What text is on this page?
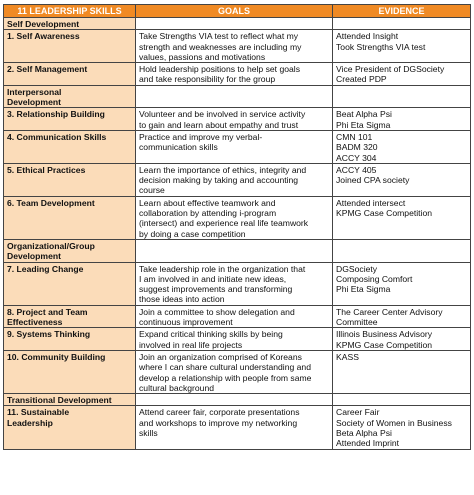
11 LEADERSHIP SKILLS	GOALS	EVIDENCE

Self Development		

1. Self Awareness	Take Strengths VIA test to reflect what my
strength and weaknesses are including my
values, passions and motivations	Attended Insight
Took Strengths VIA test

2. Self Management	Hold leadership positions to help set goals
and take responsibility for the group	Vice President of DGSociety
Created PDP

Interpersonal
Development		

3. Relationship Building	Volunteer and be involved in service activity
to gain and learn about empathy and trust	Beat Alpha Psi
Phi Eta Sigma

4. Communication Skills	Practice and improve my verbal-
communication skills	CMN 101
BADM 320
ACCY 304

5. Ethical Practices	Learn the importance of ethics, integrity and
decision making by taking and accounting
course	ACCY 405
Joined CPA society

6. Team Development	Learn about effective teamwork and
collaboration by attending i-program
(intersect) and experience real life teamwork
by doing a case competition	Attended intersect
KPMG Case Competition

Organizational/Group
Development		

7. Leading Change	Take leadership role in the organization that
I am involved in and initiate new ideas,
suggest improvements and transforming
those ideas into action	DGSociety
Composing Comfort
Phi Eta Sigma

8. Project and Team
Effectiveness	Join a committee to show delegation and
continuous improvement	The Career Center Advisory
Committee

9. Systems Thinking	Expand critical thinking skills by being
involved in real life projects	Illinois Business Advisory
KPMG Case Competition

10. Community Building	Join an organization comprised of Koreans
where I can share cultural understanding and
develop a relationship with people from same
cultural background	KASS

Transitional Development		

11. Sustainable
Leadership	Attend career fair, corporate presentations
and workshops to improve my networking
skills	Career Fair
Society of Women in Business
Beta Alpha Psi
Attended Imprint
